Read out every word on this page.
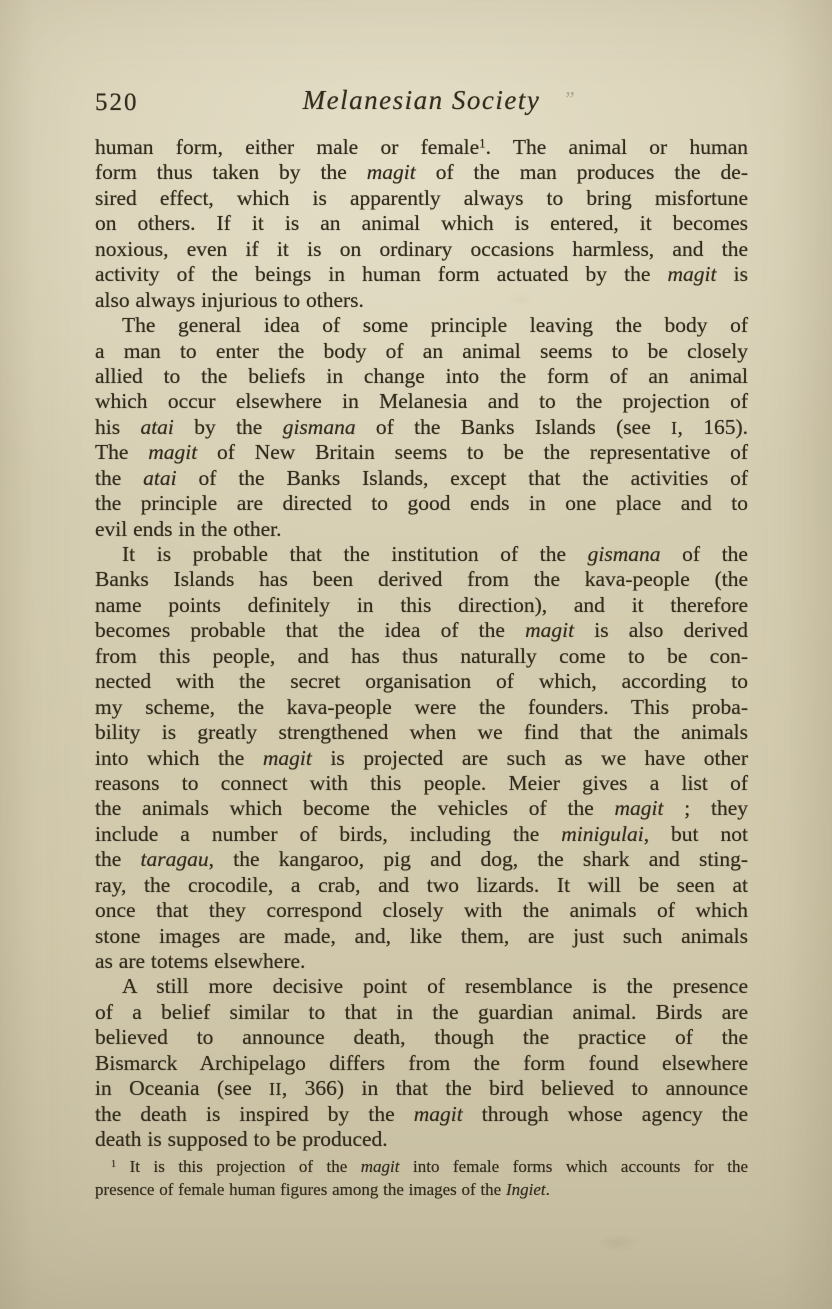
520	Melanesian Society	”
human form, either male or female$^1$. The animal or human
form thus taken by the magit of the man produces the de-
sired effect, which is apparently always to bring misfortune
on others. If it is an animal which is entered, it becomes
noxious, even if it is on ordinary occasions harmless, and the
activity of the beings in human form actuated by the magit is
also always injurious to others.
The general idea of some principle leaving the body of
a man to enter the body of an animal seems to be closely
allied to the beliefs in change into the form of an animal
which occur elsewhere in Melanesia and to the projection of
his atai by the gismana of the Banks Islands (see I, 165).
The magit of New Britain seems to be the representative of
the atai of the Banks Islands, except that the activities of
the principle are directed to good ends in one place and to
evil ends in the other.
It is probable that the institution of the gismana of the
Banks Islands has been derived from the kava-people (the
name points definitely in this direction), and it therefore
becomes probable that the idea of the magit is also derived
from this people, and has thus naturally come to be con-
nected with the secret organisation of which, according to
my scheme, the kava-people were the founders. This proba-
bility is greatly strengthened when we find that the animals
into which the magit is projected are such as we have other
reasons to connect with this people. Meier gives a list of
the animals which become the vehicles of the magit ; they
include a number of birds, including the minigulai, but not
the taragau, the kangaroo, pig and dog, the shark and sting-
ray, the crocodile, a crab, and two lizards. It will be seen at
once that they correspond closely with the animals of which
stone images are made, and, like them, are just such animals
as are totems elsewhere.
A still more decisive point of resemblance is the presence
of a belief similar to that in the guardian animal. Birds are
believed to announce death, though the practice of the
Bismarck Archipelago differs from the form found elsewhere
in Oceania (see II, 366) in that the bird believed to announce
the death is inspired by the magit through whose agency the
death is supposed to be produced.
$^1$ It is this projection of the magit into female forms which accounts for the
presence of female human figures among the images of the Ingiet.
